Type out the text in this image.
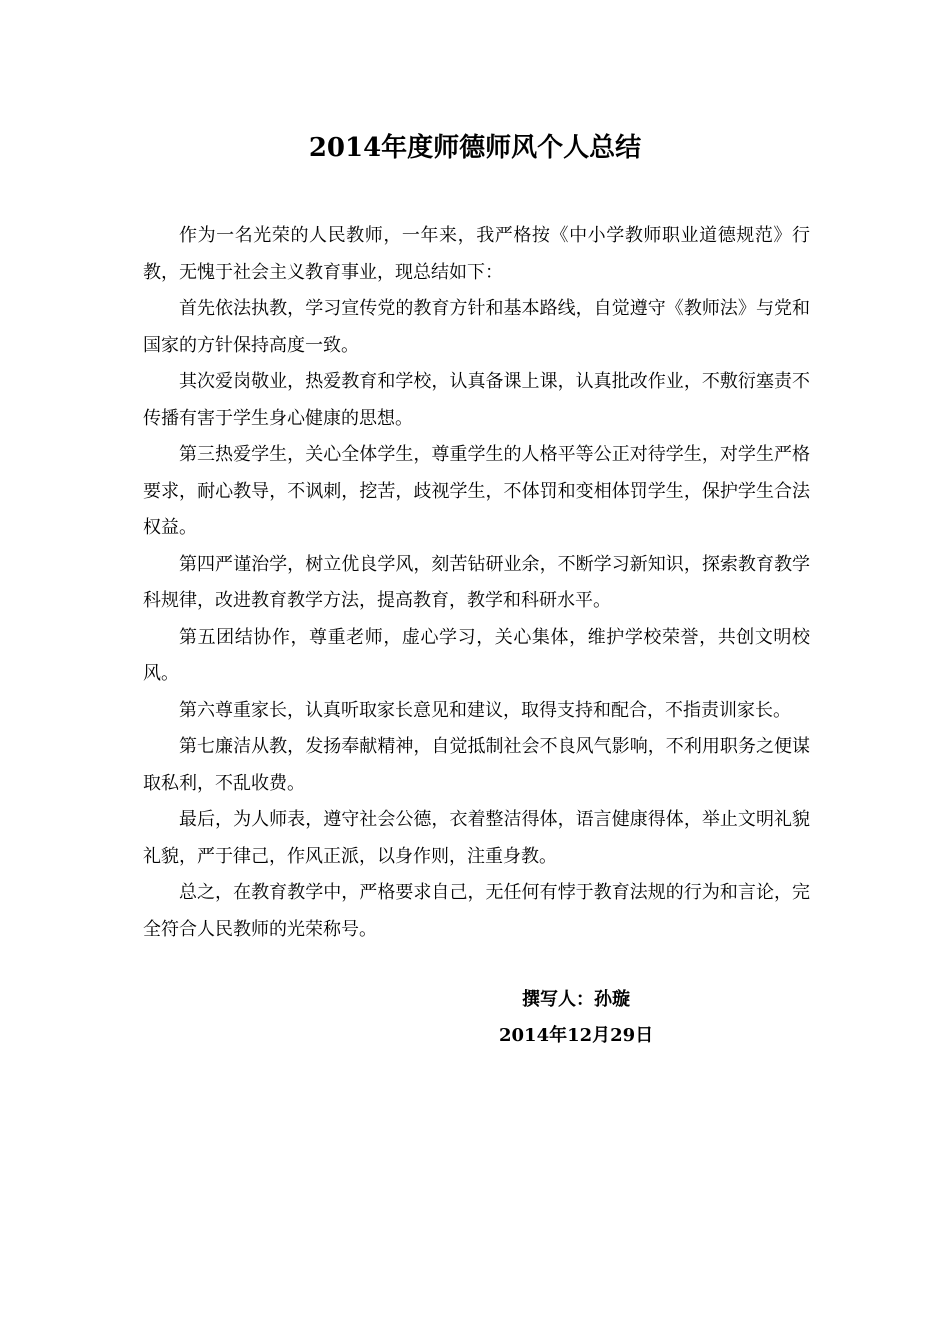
2014年度师德师风个人总结

作为一名光荣的人民教师，一年来，我严格按《中小学教师职业道德规范》行教，无愧于社会主义教育事业，现总结如下：

首先依法执教，学习宣传党的教育方针和基本路线，自觉遵守《教师法》与党和国家的方针保持高度一致。

其次爱岗敬业，热爱教育和学校，认真备课上课，认真批改作业，不敷衍塞责不传播有害于学生身心健康的思想。

第三热爱学生，关心全体学生，尊重学生的人格平等公正对待学生，对学生严格要求，耐心教导，不讽刺，挖苦，歧视学生，不体罚和变相体罚学生，保护学生合法权益。

第四严谨治学，树立优良学风，刻苦钻研业余，不断学习新知识，探索教育教学科规律，改进教育教学方法，提高教育，教学和科研水平。

第五团结协作，尊重老师，虚心学习，关心集体，维护学校荣誉，共创文明校风。

第六尊重家长，认真听取家长意见和建议，取得支持和配合，不指责训家长。

第七廉洁从教，发扬奉献精神，自觉抵制社会不良风气影响，不利用职务之便谋取私利，不乱收费。

最后，为人师表，遵守社会公德，衣着整洁得体，语言健康得体，举止文明礼貌礼貌，严于律己，作风正派，以身作则，注重身教。

总之，在教育教学中，严格要求自己，无任何有悖于教育法规的行为和言论，完全符合人民教师的光荣称号。

撰写人：孙璇
2014年12月29日
